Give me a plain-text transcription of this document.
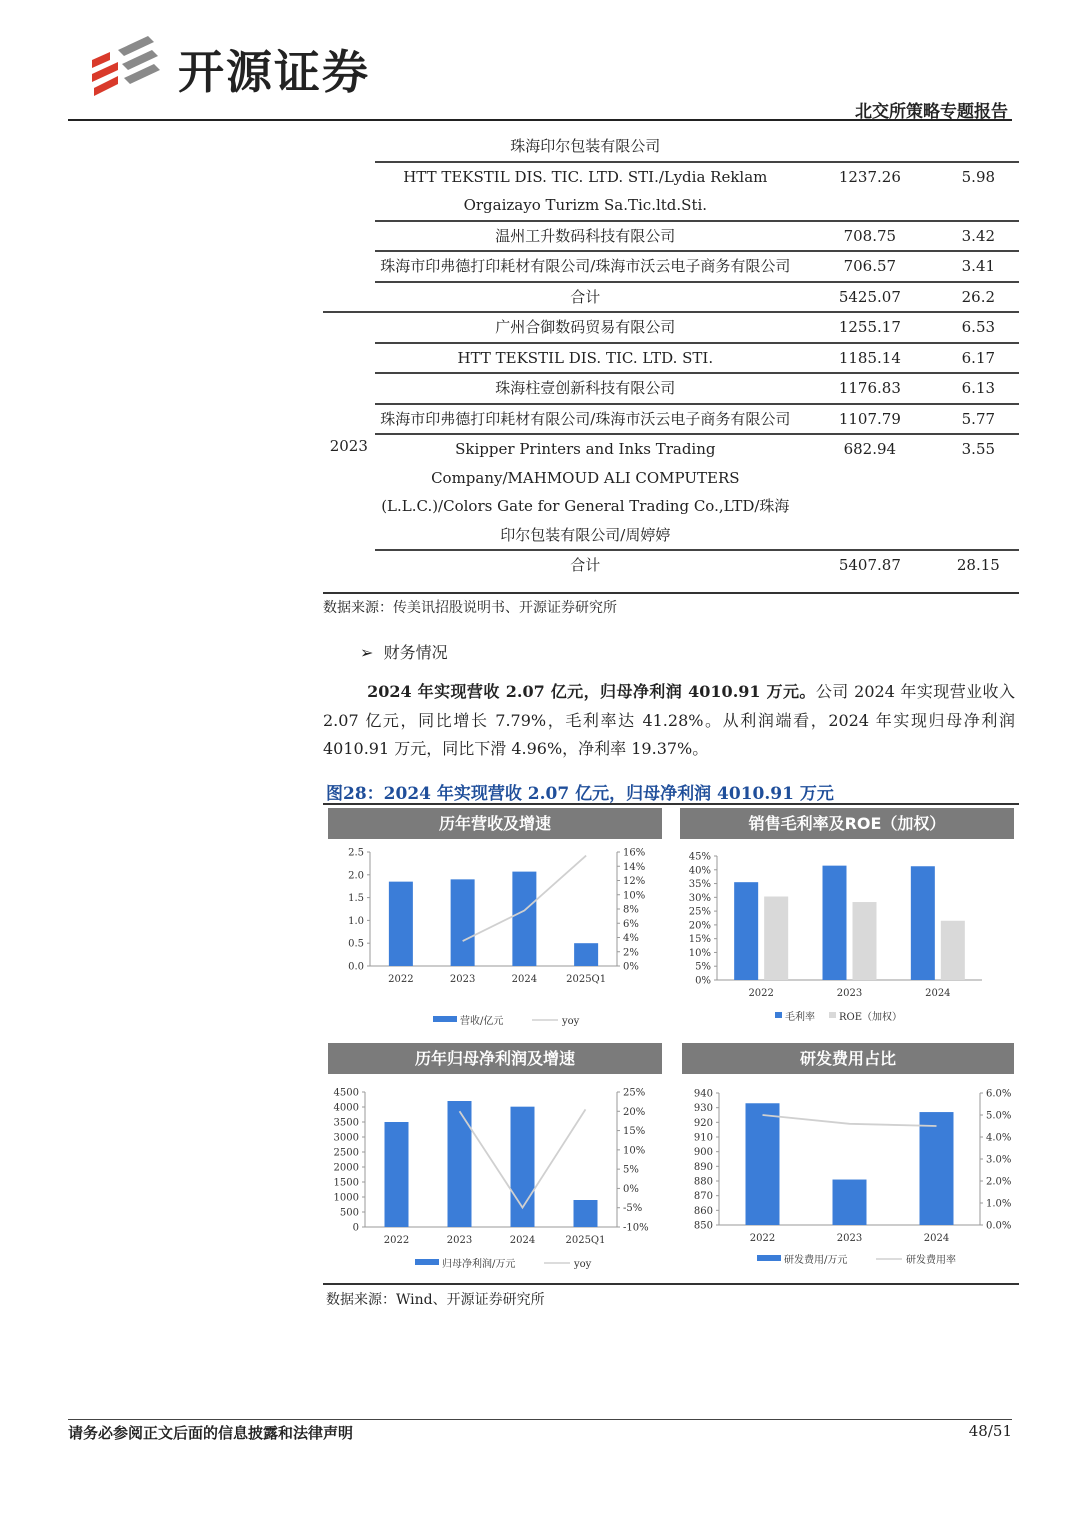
开源证券
北交所策略专题报告
	珠海印尔包装有限公司		
	HTT TEKSTIL DIS. TIC. LTD. STI./Lydia Reklam Orgaizayo Turizm Sa.Tic.ltd.Sti.	1237.26	5.98
	温州工升数码科技有限公司	708.75	3.42
	珠海市印弗德打印耗材有限公司/珠海市沃云电子商务有限公司	706.57	3.41
	合计	5425.07	26.2
2023	广州合御数码贸易有限公司	1255.17	6.53
	HTT TEKSTIL DIS. TIC. LTD. STI.	1185.14	6.17
	珠海柱壹创新科技有限公司	1176.83	6.13
	珠海市印弗德打印耗材有限公司/珠海市沃云电子商务有限公司	1107.79	5.77
	Skipper Printers and Inks Trading Company/MAHMOUD ALI COMPUTERS (L.L.C.)/Colors Gate for General Trading Co.,LTD/珠海印尔包装有限公司/周婷婷	682.94	3.55
	合计	5407.87	28.15
数据来源：传美讯招股说明书、开源证券研究所
➢ 财务情况
2024 年实现营收 2.07 亿元，归母净利润 4010.91 万元。公司 2024 年实现营业收入 2.07 亿元，同比增长 7.79%，毛利率达 41.28%。从利润端看，2024 年实现归母净利润 4010.91 万元，同比下滑 4.96%，净利率 19.37%。
图28：2024 年实现营收 2.07 亿元，归母净利润 4010.91 万元
历年营收及增速
0.0
0.5
1.0
1.5
2.0
2.5
0%
2%
4%
6%
8%
10%
12%
14%
16%
2022	2023	2024	2025Q1
营收/亿元	yoy
销售毛利率及ROE（加权）
0%
5%
10%
15%
20%
25%
30%
35%
40%
45%
2022	2023	2024
毛利率 ROE（加权）
历年归母净利润及增速
0
500
1000
1500
2000
2500
3000
3500
4000
4500
-10%
-5%
0%
5%
10%
15%
20%
25%
2022	2023	2024	2025Q1
归母净利润/万元	yoy
研发费用占比
850
860
870
880
890
900
910
920
930
940
0.0%
1.0%
2.0%
3.0%
4.0%
5.0%
6.0%
2022	2023	2024
研发费用/万元	研发费用率
数据来源：Wind、开源证券研究所
请务必参阅正文后面的信息披露和法律声明	48/51
